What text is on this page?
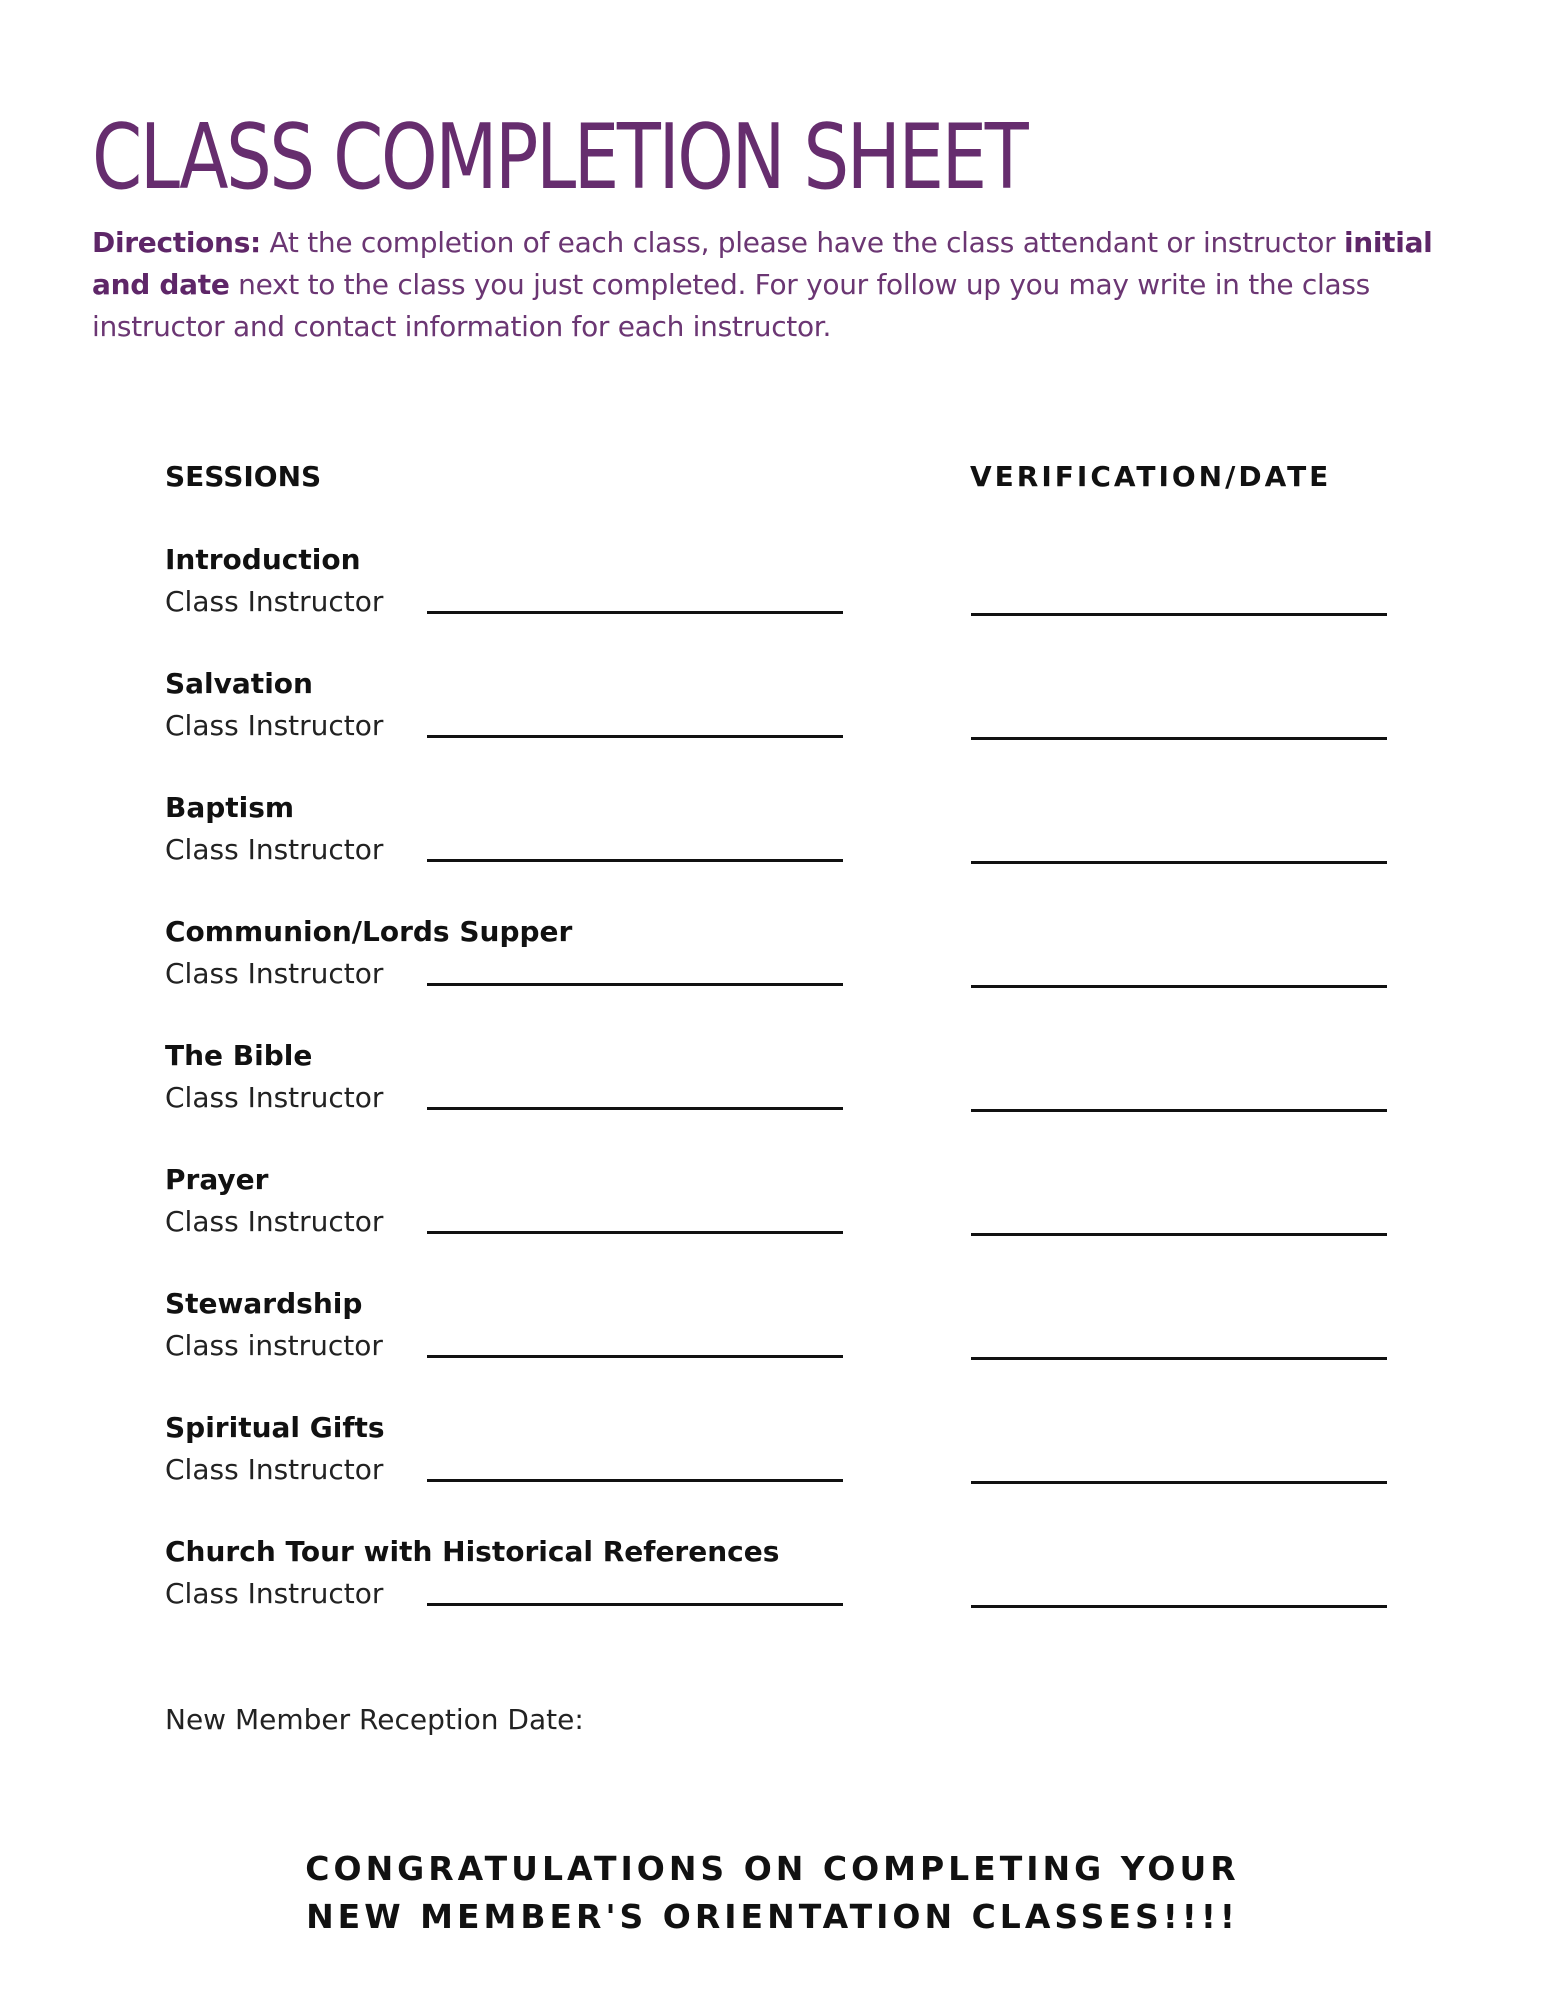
CLASS COMPLETION SHEET
Directions: At the completion of each class, please have the class attendant or instructor initial and date next to the class you just completed. For your follow up you may write in the class instructor and contact information for each instructor.
SESSIONS	VERIFICATION/DATE
Introduction
Class Instructor
Salvation
Class Instructor
Baptism
Class Instructor
Communion/Lords Supper
Class Instructor
The Bible
Class Instructor
Prayer
Class Instructor
Stewardship
Class instructor
Spiritual Gifts
Class Instructor
Church Tour with Historical References
Class Instructor
New Member Reception Date:
CONGRATULATIONS ON COMPLETING YOUR
NEW MEMBER'S ORIENTATION CLASSES!!!!
